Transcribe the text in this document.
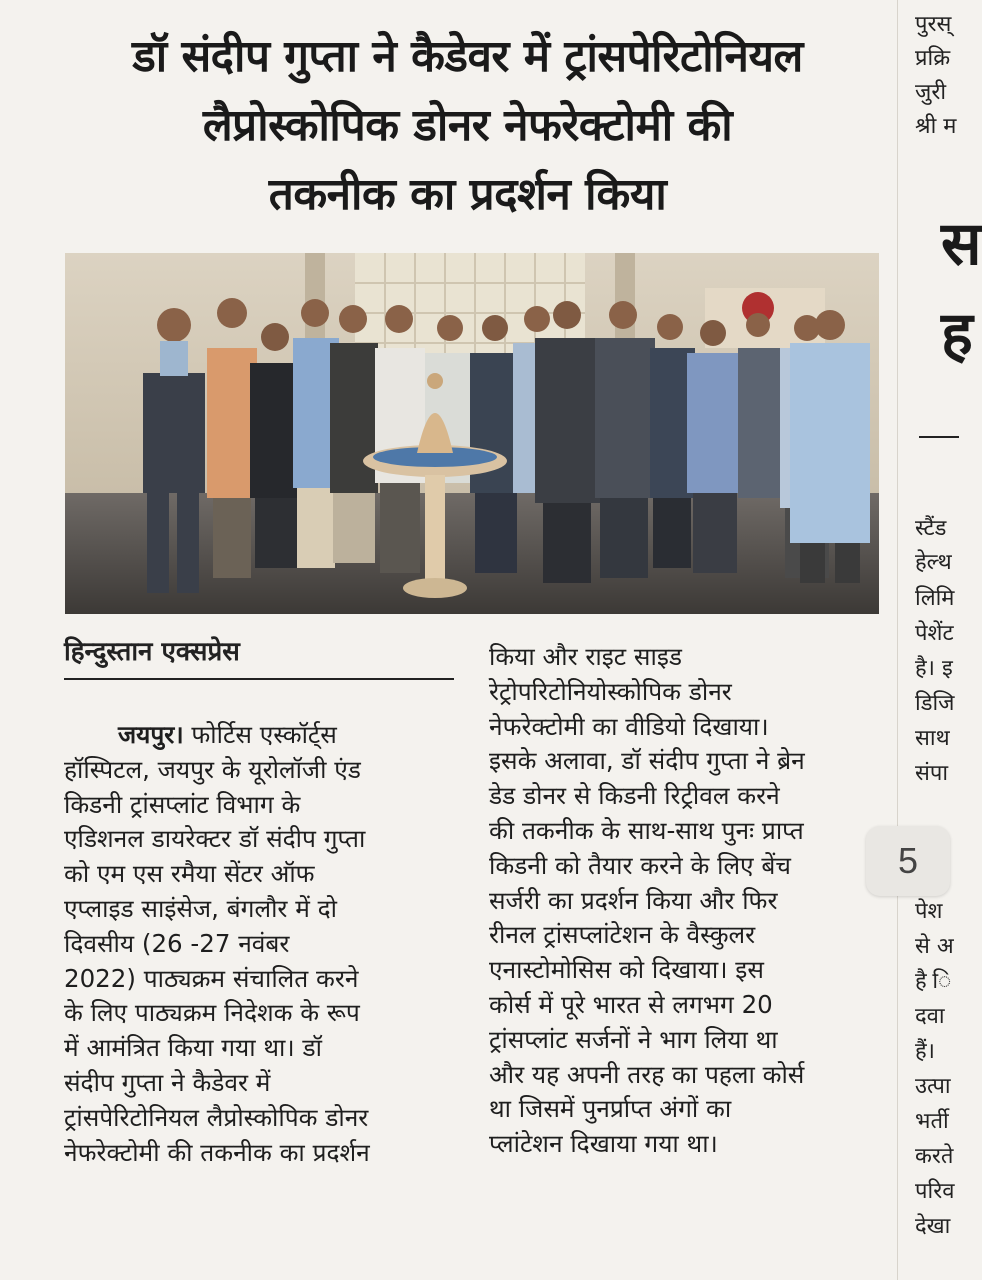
डॉ संदीप गुप्ता ने कैडेवर में ट्रांसपेरिटोनियल
लैप्रोस्कोपिक डोनर नेफरेक्टोमी की
तकनीक का प्रदर्शन किया
हिन्दुस्तान एक्सप्रेस
जयपुर। फोर्टिस एस्कॉर्ट्स
हॉस्पिटल, जयपुर के यूरोलॉजी एंड
किडनी ट्रांसप्लांट विभाग के
एडिशनल डायरेक्टर डॉ संदीप गुप्ता
को एम एस रमैया सेंटर ऑफ
एप्लाइड साइंसेज, बंगलौर में दो
दिवसीय (26 -27 नवंबर
2022) पाठ्यक्रम संचालित करने
के लिए पाठ्यक्रम निदेशक के रूप
में आमंत्रित किया गया था। डॉ
संदीप गुप्ता ने कैडेवर में
ट्रांसपेरिटोनियल लैप्रोस्कोपिक डोनर
नेफरेक्टोमी की तकनीक का प्रदर्शन
किया और राइट साइड
रेट्रोपरिटोनियोस्कोपिक डोनर
नेफरेक्टोमी का वीडियो दिखाया।
इसके अलावा, डॉ संदीप गुप्ता ने ब्रेन
डेड डोनर से किडनी रिट्रीवल करने
की तकनीक के साथ-साथ पुनः प्राप्त
किडनी को तैयार करने के लिए बेंच
सर्जरी का प्रदर्शन किया और फिर
रीनल ट्रांसप्लांटेशन के वैस्कुलर
एनास्टोमोसिस को दिखाया। इस
कोर्स में पूरे भारत से लगभग 20
ट्रांसप्लांट सर्जनों ने भाग लिया था
और यह अपनी तरह का पहला कोर्स
था जिसमें पुनर्प्राप्त अंगों का
प्लांटेशन दिखाया गया था।
पुरस्
प्रक्रि
जुरी
श्री म
स
ह
स्टैंड
हेल्थ
लिमि
पेशेंट
है। इ
डिजि
साथ
संपा
पेश
से अ
है ि
दवा
हैं।
उत्पा
भर्ती
करते
परिव
देखा
5
